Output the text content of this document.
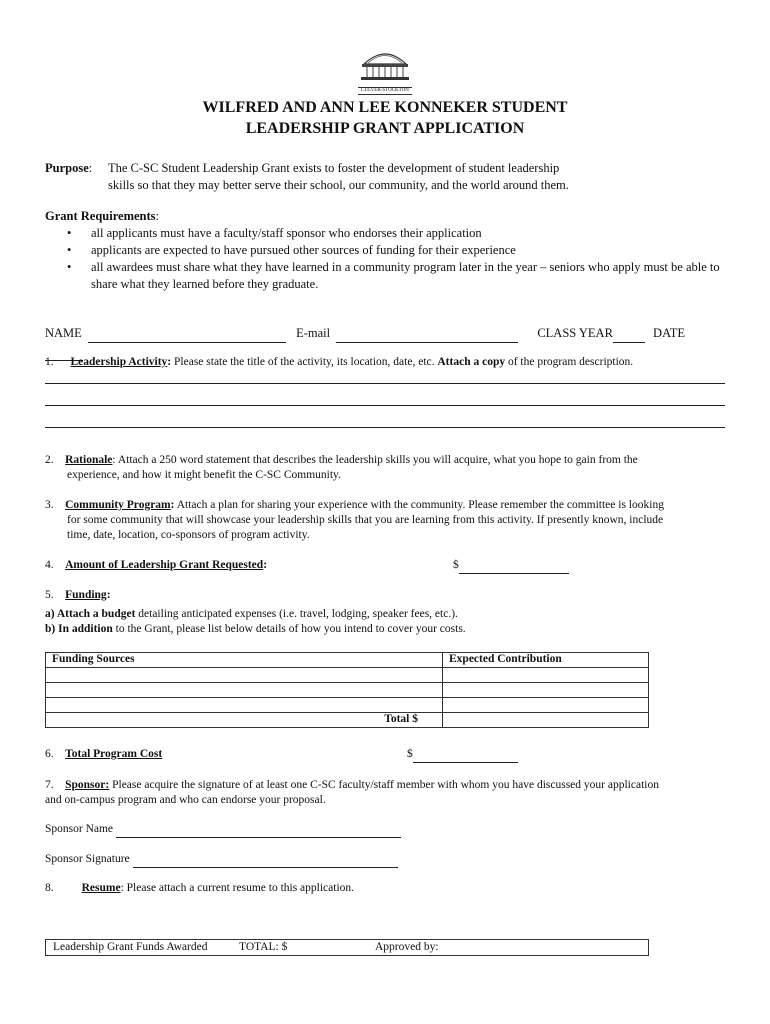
CULVER-STOCKTON
WILFRED AND ANN LEE KONNEKER STUDENT
LEADERSHIP GRANT APPLICATION
Purpose: The C-SC Student Leadership Grant exists to foster the development of student leadership
skills so that they may better serve their school, our community, and the world around them.
Grant Requirements:
• all applicants must have a faculty/staff sponsor who endorses their application
• applicants are expected to have pursued other sources of funding for their experience
• all awardees must share what they have learned in a community program later in the year – seniors who apply must be able to share what they learned before they graduate.
NAME	E-mail	CLASS YEAR	DATE
1. Leadership Activity: Please state the title of the activity, its location, date, etc. Attach a copy of the program description.
2. Rationale: Attach a 250 word statement that describes the leadership skills you will acquire, what you hope to gain from the
experience, and how it might benefit the C-SC Community.
3. Community Program: Attach a plan for sharing your experience with the community. Please remember the committee is looking
for some community that will showcase your leadership skills that you are learning from this activity. If presently known, include
time, date, location, co-sponsors of program activity.
4. Amount of Leadership Grant Requested:	$
5. Funding:
a) Attach a budget detailing anticipated expenses (i.e. travel, lodging, speaker fees, etc.).
b) In addition to the Grant, please list below details of how you intend to cover your costs.
Funding Sources	Expected Contribution

Total $	
6. Total Program Cost	$
7. Sponsor: Please acquire the signature of at least one C-SC faculty/staff member with whom you have discussed your application
and on-campus program and who can endorse your proposal.
Sponsor Name
Sponsor Signature
8. Resume: Please attach a current resume to this application.
Leadership Grant Funds Awarded	TOTAL: $	Approved by:
